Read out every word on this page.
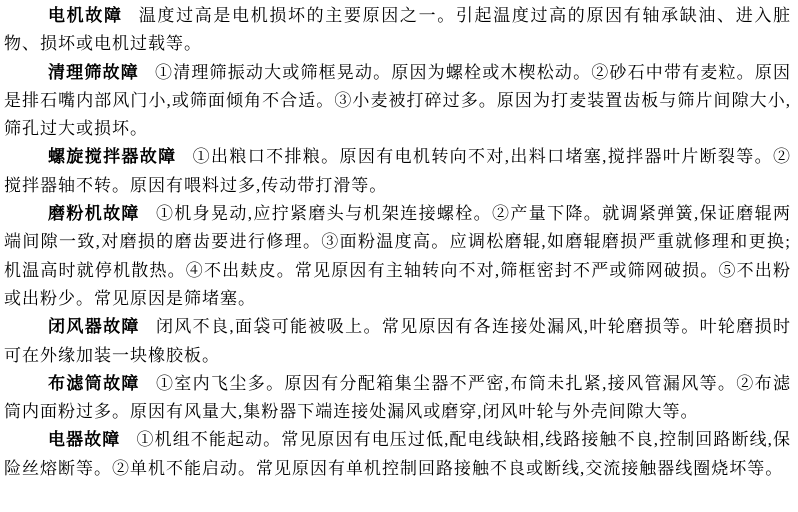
电机故障 温度过高是电机损坏的主要原因之一。引起温度过高的原因有轴承缺油、进入脏物、损坏或电机过载等。

清理筛故障 ①清理筛振动大或筛框晃动。原因为螺栓或木楔松动。②砂石中带有麦粒。原因是排石嘴内部风门小,或筛面倾角不合适。③小麦被打碎过多。原因为打麦装置齿板与筛片间隙大小,筛孔过大或损坏。

螺旋搅拌器故障 ①出粮口不排粮。原因有电机转向不对,出料口堵塞,搅拌器叶片断裂等。②搅拌器轴不转。原因有喂料过多,传动带打滑等。

磨粉机故障 ①机身晃动,应拧紧磨头与机架连接螺栓。②产量下降。就调紧弹簧,保证磨辊两端间隙一致,对磨损的磨齿要进行修理。③面粉温度高。应调松磨辊,如磨辊磨损严重就修理和更换;机温高时就停机散热。④不出麸皮。常见原因有主轴转向不对,筛框密封不严或筛网破损。⑤不出粉或出粉少。常见原因是筛堵塞。

闭风器故障 闭风不良,面袋可能被吸上。常见原因有各连接处漏风,叶轮磨损等。叶轮磨损时可在外缘加装一块橡胶板。

布滤筒故障 ①室内飞尘多。原因有分配箱集尘器不严密,布筒未扎紧,接风管漏风等。②布滤筒内面粉过多。原因有风量大,集粉器下端连接处漏风或磨穿,闭风叶轮与外壳间隙大等。

电器故障 ①机组不能起动。常见原因有电压过低,配电线缺相,线路接触不良,控制回路断线,保险丝熔断等。②单机不能启动。常见原因有单机控制回路接触不良或断线,交流接触器线圈烧坏等。
